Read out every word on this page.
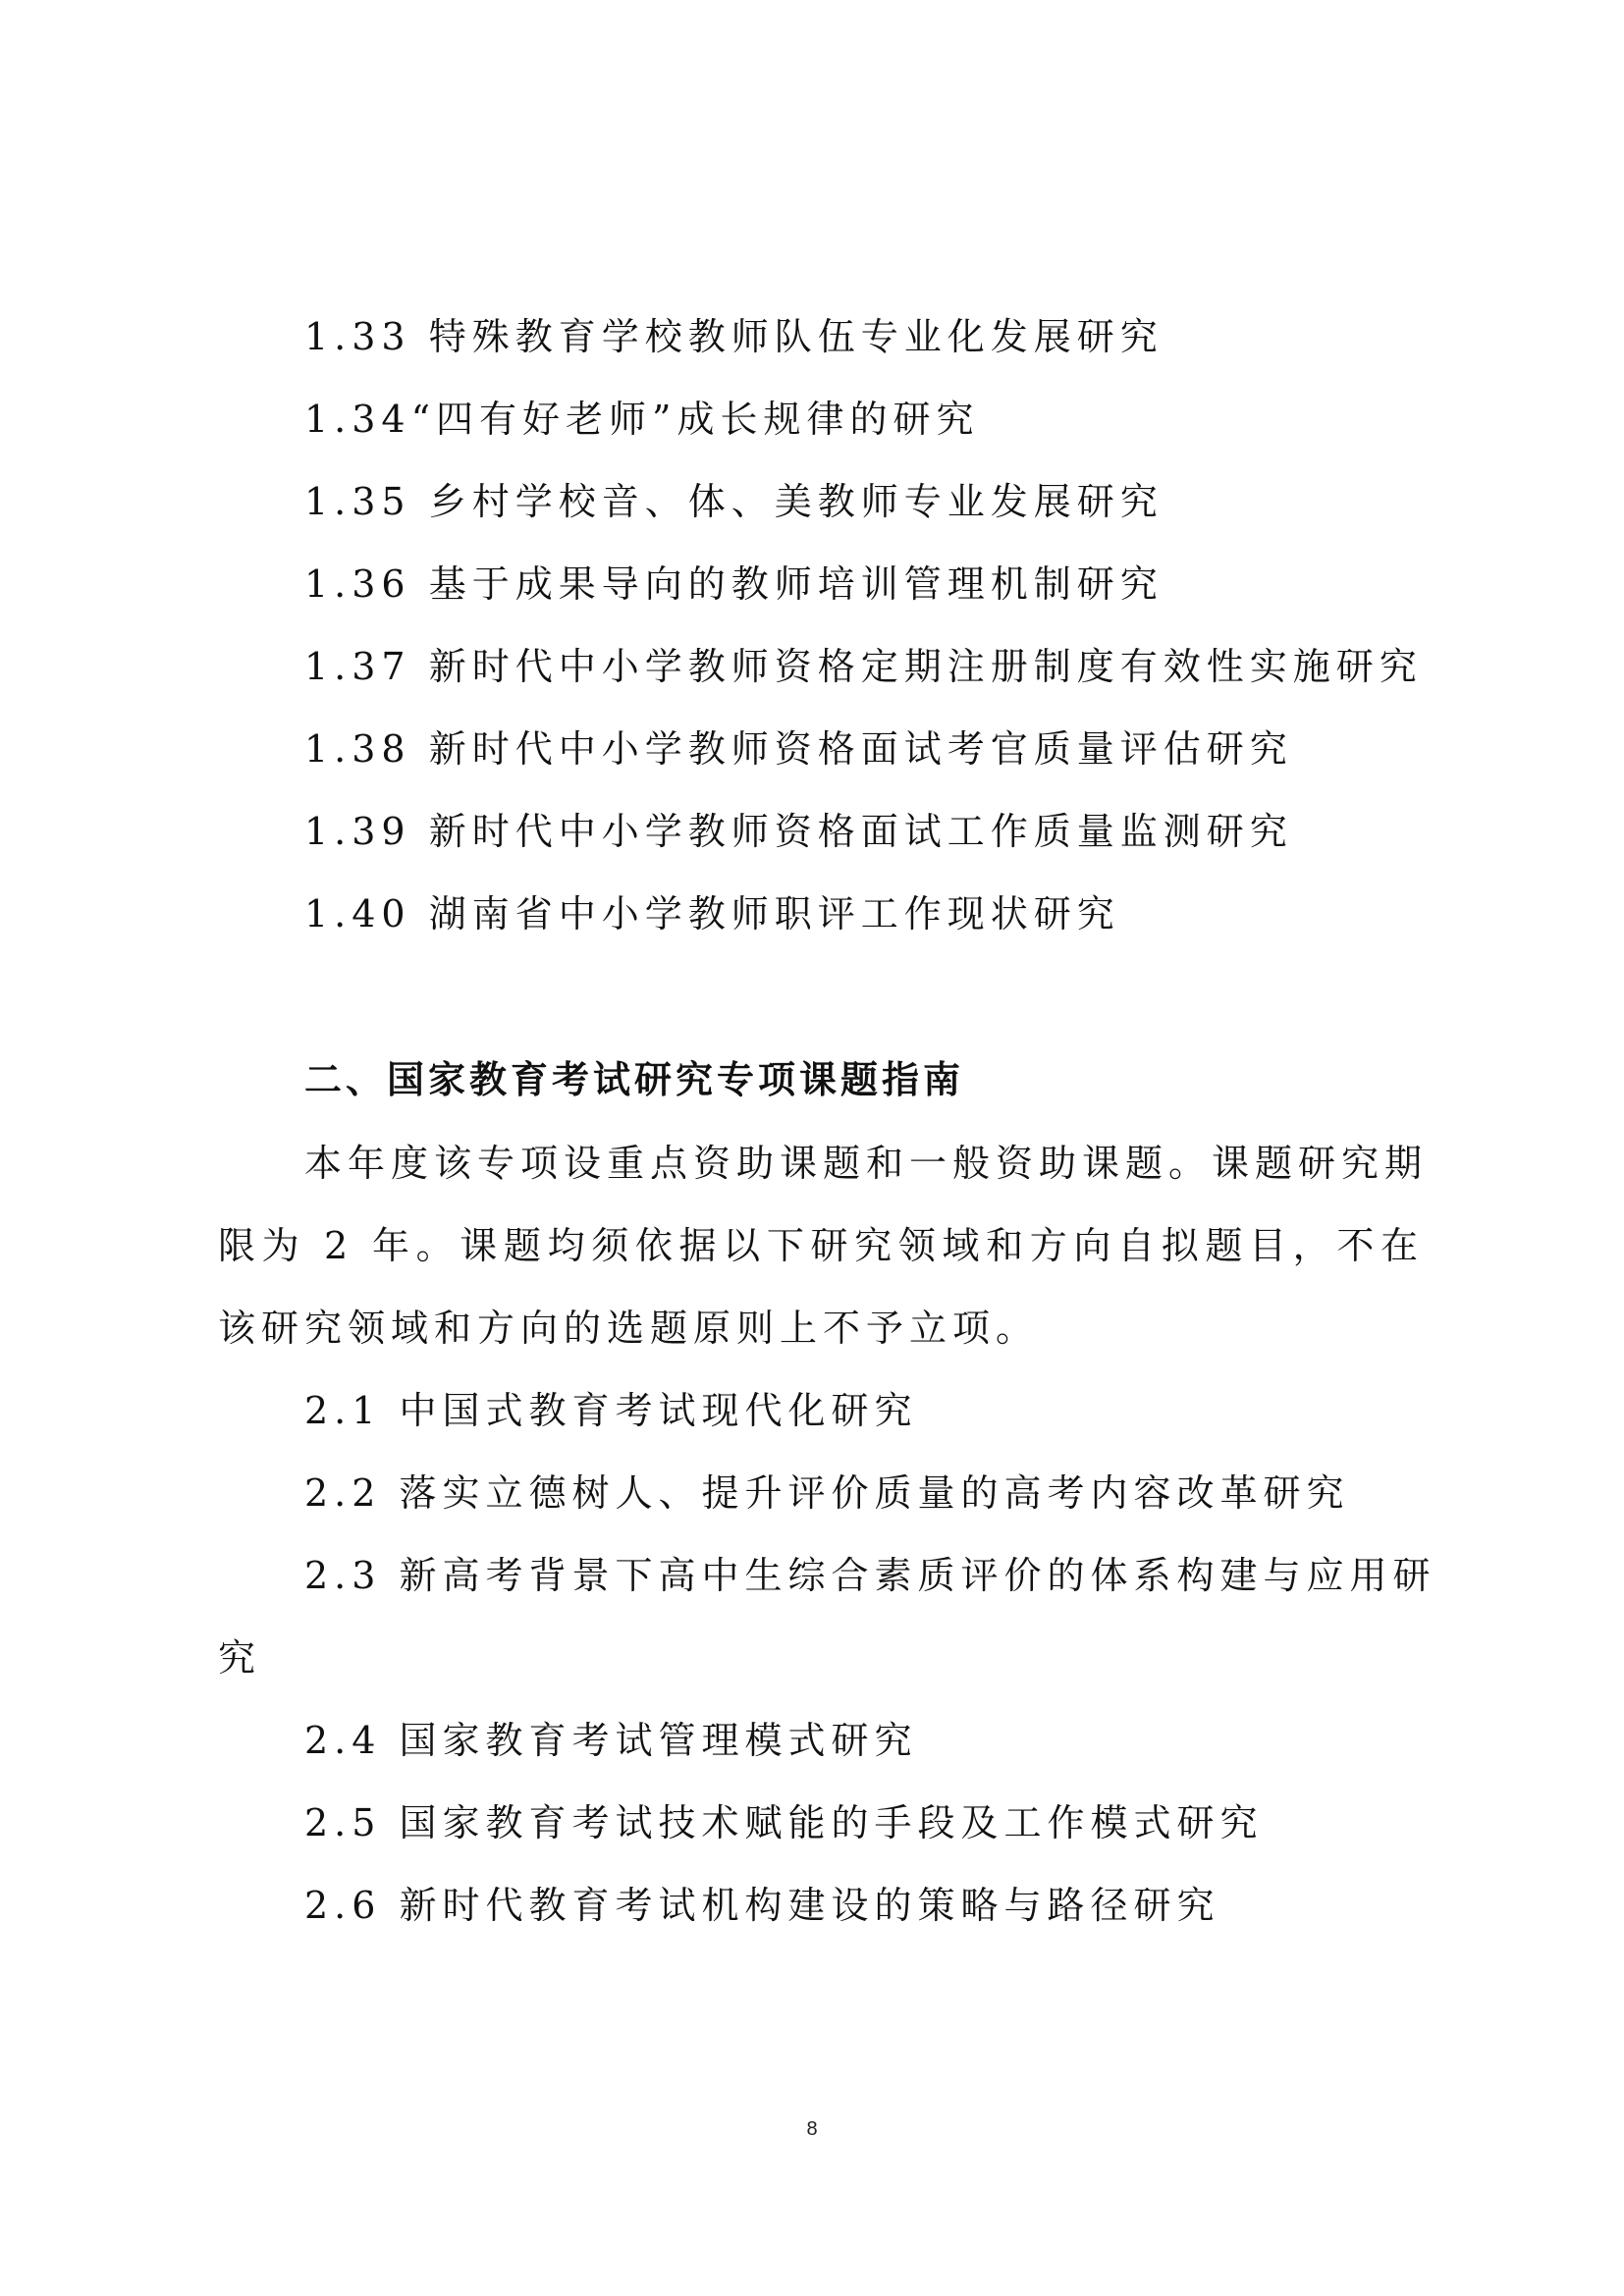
1.33 特殊教育学校教师队伍专业化发展研究
1.34“四有好老师”成长规律的研究
1.35 乡村学校音、体、美教师专业发展研究
1.36 基于成果导向的教师培训管理机制研究
1.37 新时代中小学教师资格定期注册制度有效性实施研究
1.38 新时代中小学教师资格面试考官质量评估研究
1.39 新时代中小学教师资格面试工作质量监测研究
1.40 湖南省中小学教师职评工作现状研究
二、国家教育考试研究专项课题指南
本年度该专项设重点资助课题和一般资助课题。课题研究期
限为 2 年。课题均须依据以下研究领域和方向自拟题目，不在
该研究领域和方向的选题原则上不予立项。
2.1 中国式教育考试现代化研究
2.2 落实立德树人、提升评价质量的高考内容改革研究
2.3 新高考背景下高中生综合素质评价的体系构建与应用研
究
2.4 国家教育考试管理模式研究
2.5 国家教育考试技术赋能的手段及工作模式研究
2.6 新时代教育考试机构建设的策略与路径研究
8
